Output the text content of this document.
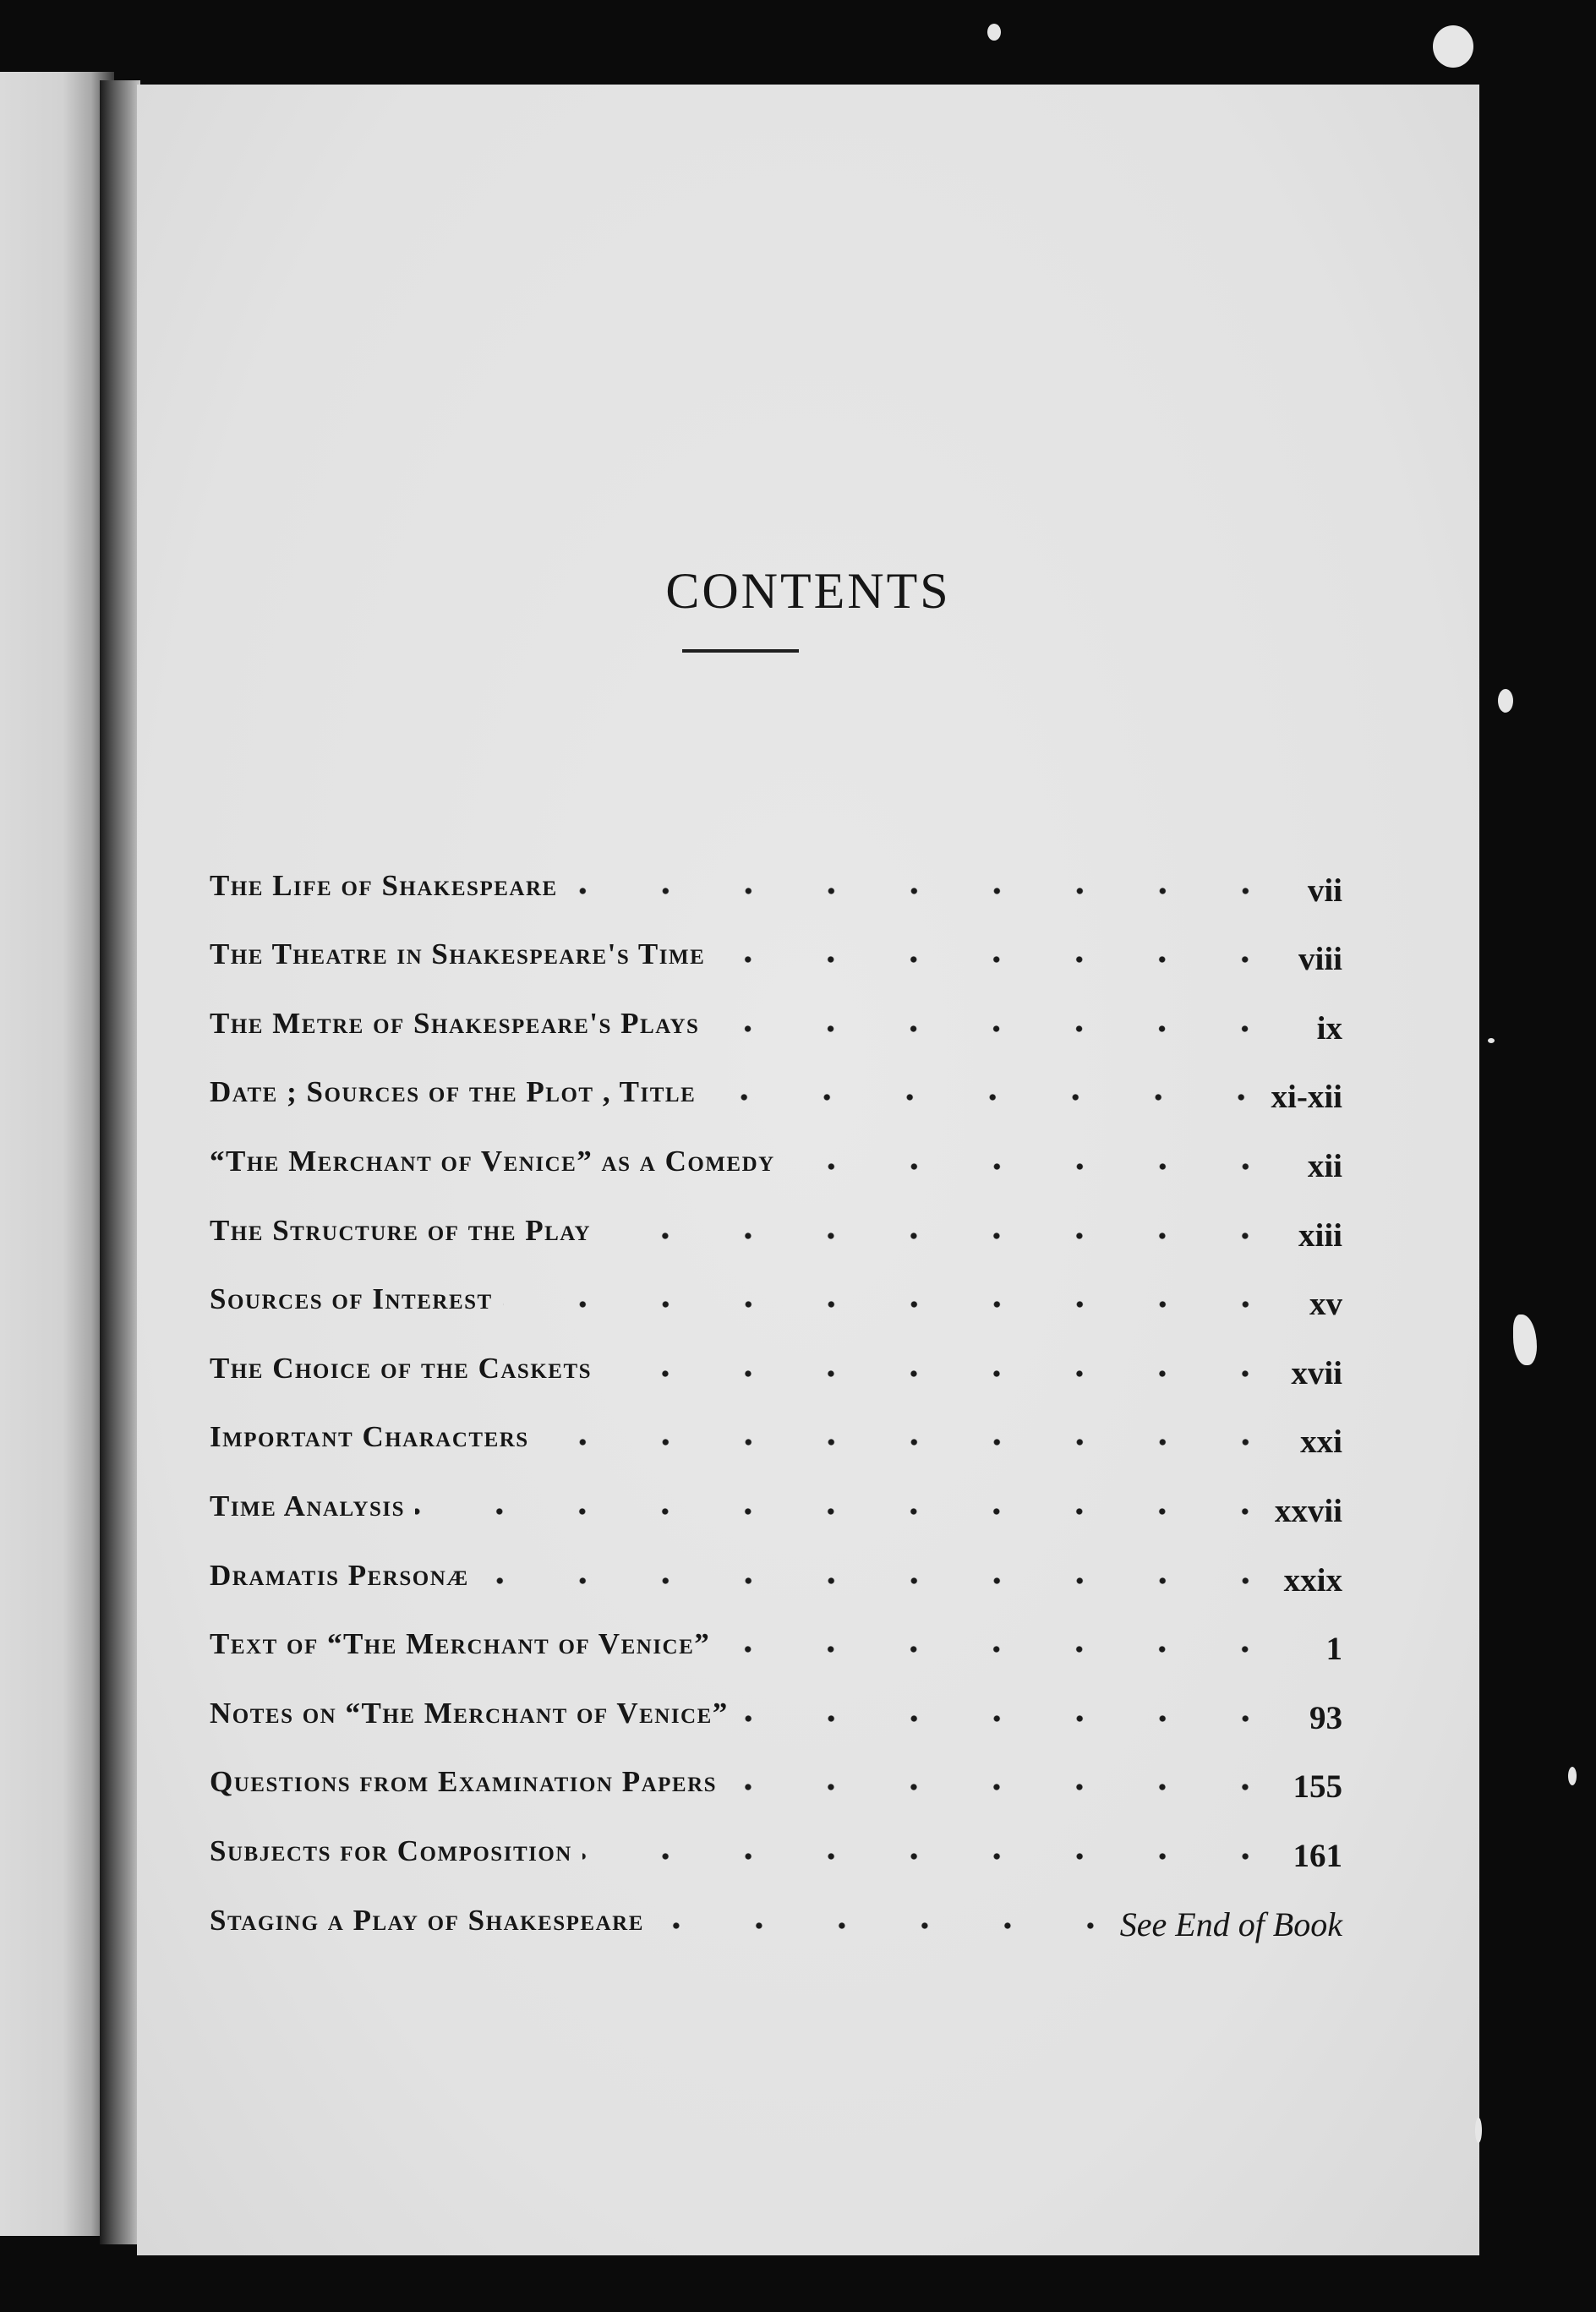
CONTENTS
The Life of Shakespeare	vii
The Theatre in Shakespeare's Time	viii
The Metre of Shakespeare's Plays	ix
Date ; Sources of the Plot , Title	xi-xii
“The Merchant of Venice” as a Comedy	xii
The Structure of the Play	xiii
Sources of Interest	xv
The Choice of the Caskets	xvii
Important Characters	xxi
Time Analysis	xxvii
Dramatis Personæ	xxix
Text of “The Merchant of Venice”	1
Notes on “The Merchant of Venice”	93
Questions from Examination Papers	155
Subjects for Composition	161
Staging a Play of Shakespeare	See End of Book
